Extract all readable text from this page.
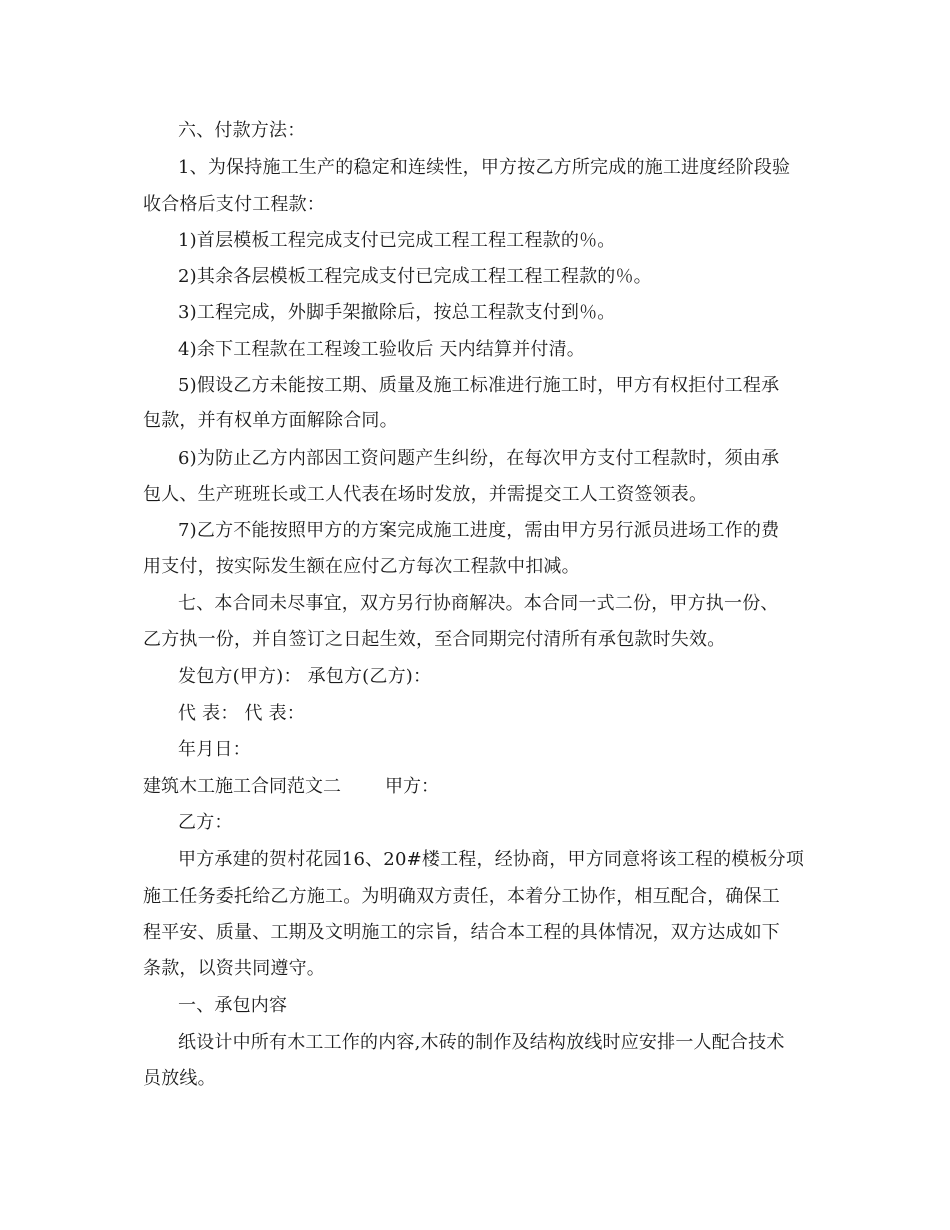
六、付款方法：
1、为保持施工生产的稳定和连续性，甲方按乙方所完成的施工进度经阶段验
收合格后支付工程款：
1)首层模板工程完成支付已完成工程工程工程款的％。
2)其余各层模板工程完成支付已完成工程工程工程款的％。
3)工程完成，外脚手架撤除后，按总工程款支付到％。
4)余下工程款在工程竣工验收后 天内结算并付清。
5)假设乙方未能按工期、质量及施工标准进行施工时，甲方有权拒付工程承
包款，并有权单方面解除合同。
6)为防止乙方内部因工资问题产生纠纷，在每次甲方支付工程款时，须由承
包人、生产班班长或工人代表在场时发放，并需提交工人工资签领表。
7)乙方不能按照甲方的方案完成施工进度，需由甲方另行派员进场工作的费
用支付，按实际发生额在应付乙方每次工程款中扣减。
七、本合同未尽事宜，双方另行协商解决。本合同一式二份，甲方执一份、
乙方执一份，并自签订之日起生效，至合同期完付清所有承包款时失效。
发包方(甲方)： 承包方(乙方)：
代 表： 代 表：
年月日：
建筑木工施工合同范文二 甲方：
乙方：
甲方承建的贺村花园16、20#楼工程，经协商，甲方同意将该工程的模板分项
施工任务委托给乙方施工。为明确双方责任，本着分工协作，相互配合，确保工
程平安、质量、工期及文明施工的宗旨，结合本工程的具体情况，双方达成如下
条款，以资共同遵守。
一、承包内容
纸设计中所有木工工作的内容,木砖的制作及结构放线时应安排一人配合技术
员放线。
